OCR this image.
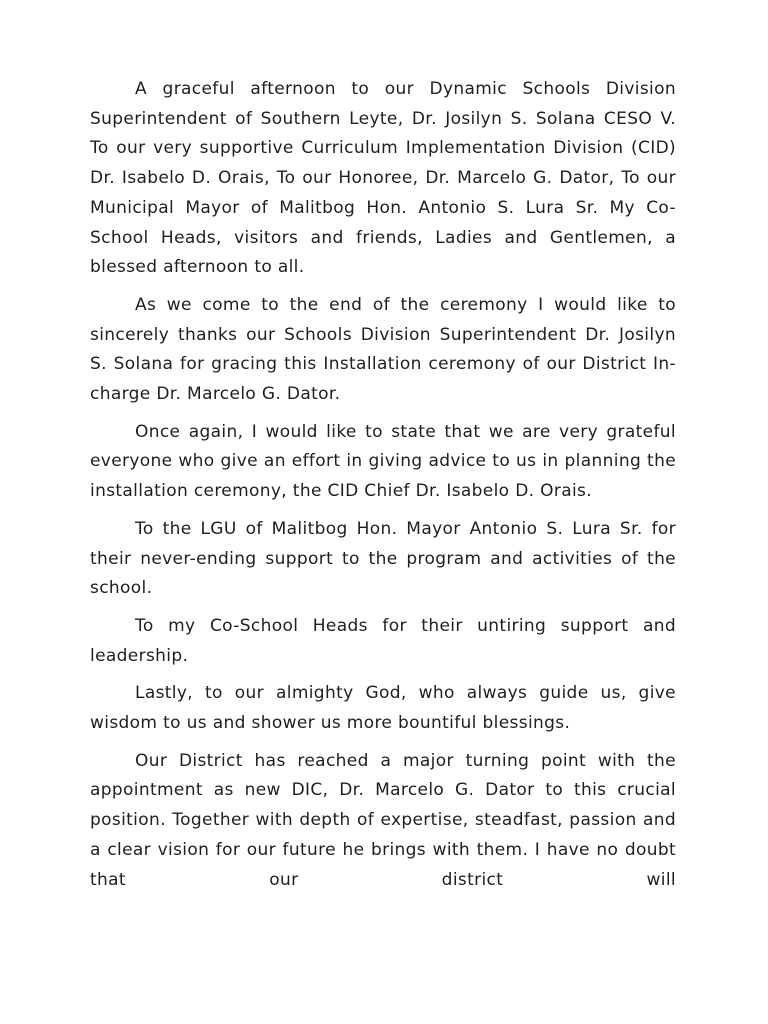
A graceful afternoon to our Dynamic Schools Division Superintendent of Southern Leyte, Dr. Josilyn S. Solana CESO V. To our very supportive Curriculum Implementation Division (CID) Dr. Isabelo D. Orais, To our Honoree, Dr. Marcelo G. Dator, To our Municipal Mayor of Malitbog Hon. Antonio S. Lura Sr. My Co-School Heads, visitors and friends, Ladies and Gentlemen, a blessed afternoon to all.

As we come to the end of the ceremony I would like to sincerely thanks our Schools Division Superintendent Dr. Josilyn S. Solana for gracing this Installation ceremony of our District In-charge Dr. Marcelo G. Dator.

Once again, I would like to state that we are very grateful everyone who give an effort in giving advice to us in planning the installation ceremony, the CID Chief Dr. Isabelo D. Orais.

To the LGU of Malitbog Hon. Mayor Antonio S. Lura Sr. for their never-ending support to the program and activities of the school.

To my Co-School Heads for their untiring support and leadership.

Lastly, to our almighty God, who always guide us, give wisdom to us and shower us more bountiful blessings.

Our District has reached a major turning point with the appointment as new DIC, Dr. Marcelo G. Dator to this crucial position. Together with depth of expertise, steadfast, passion and a clear vision for our future he brings with them. I have no doubt that our district will
